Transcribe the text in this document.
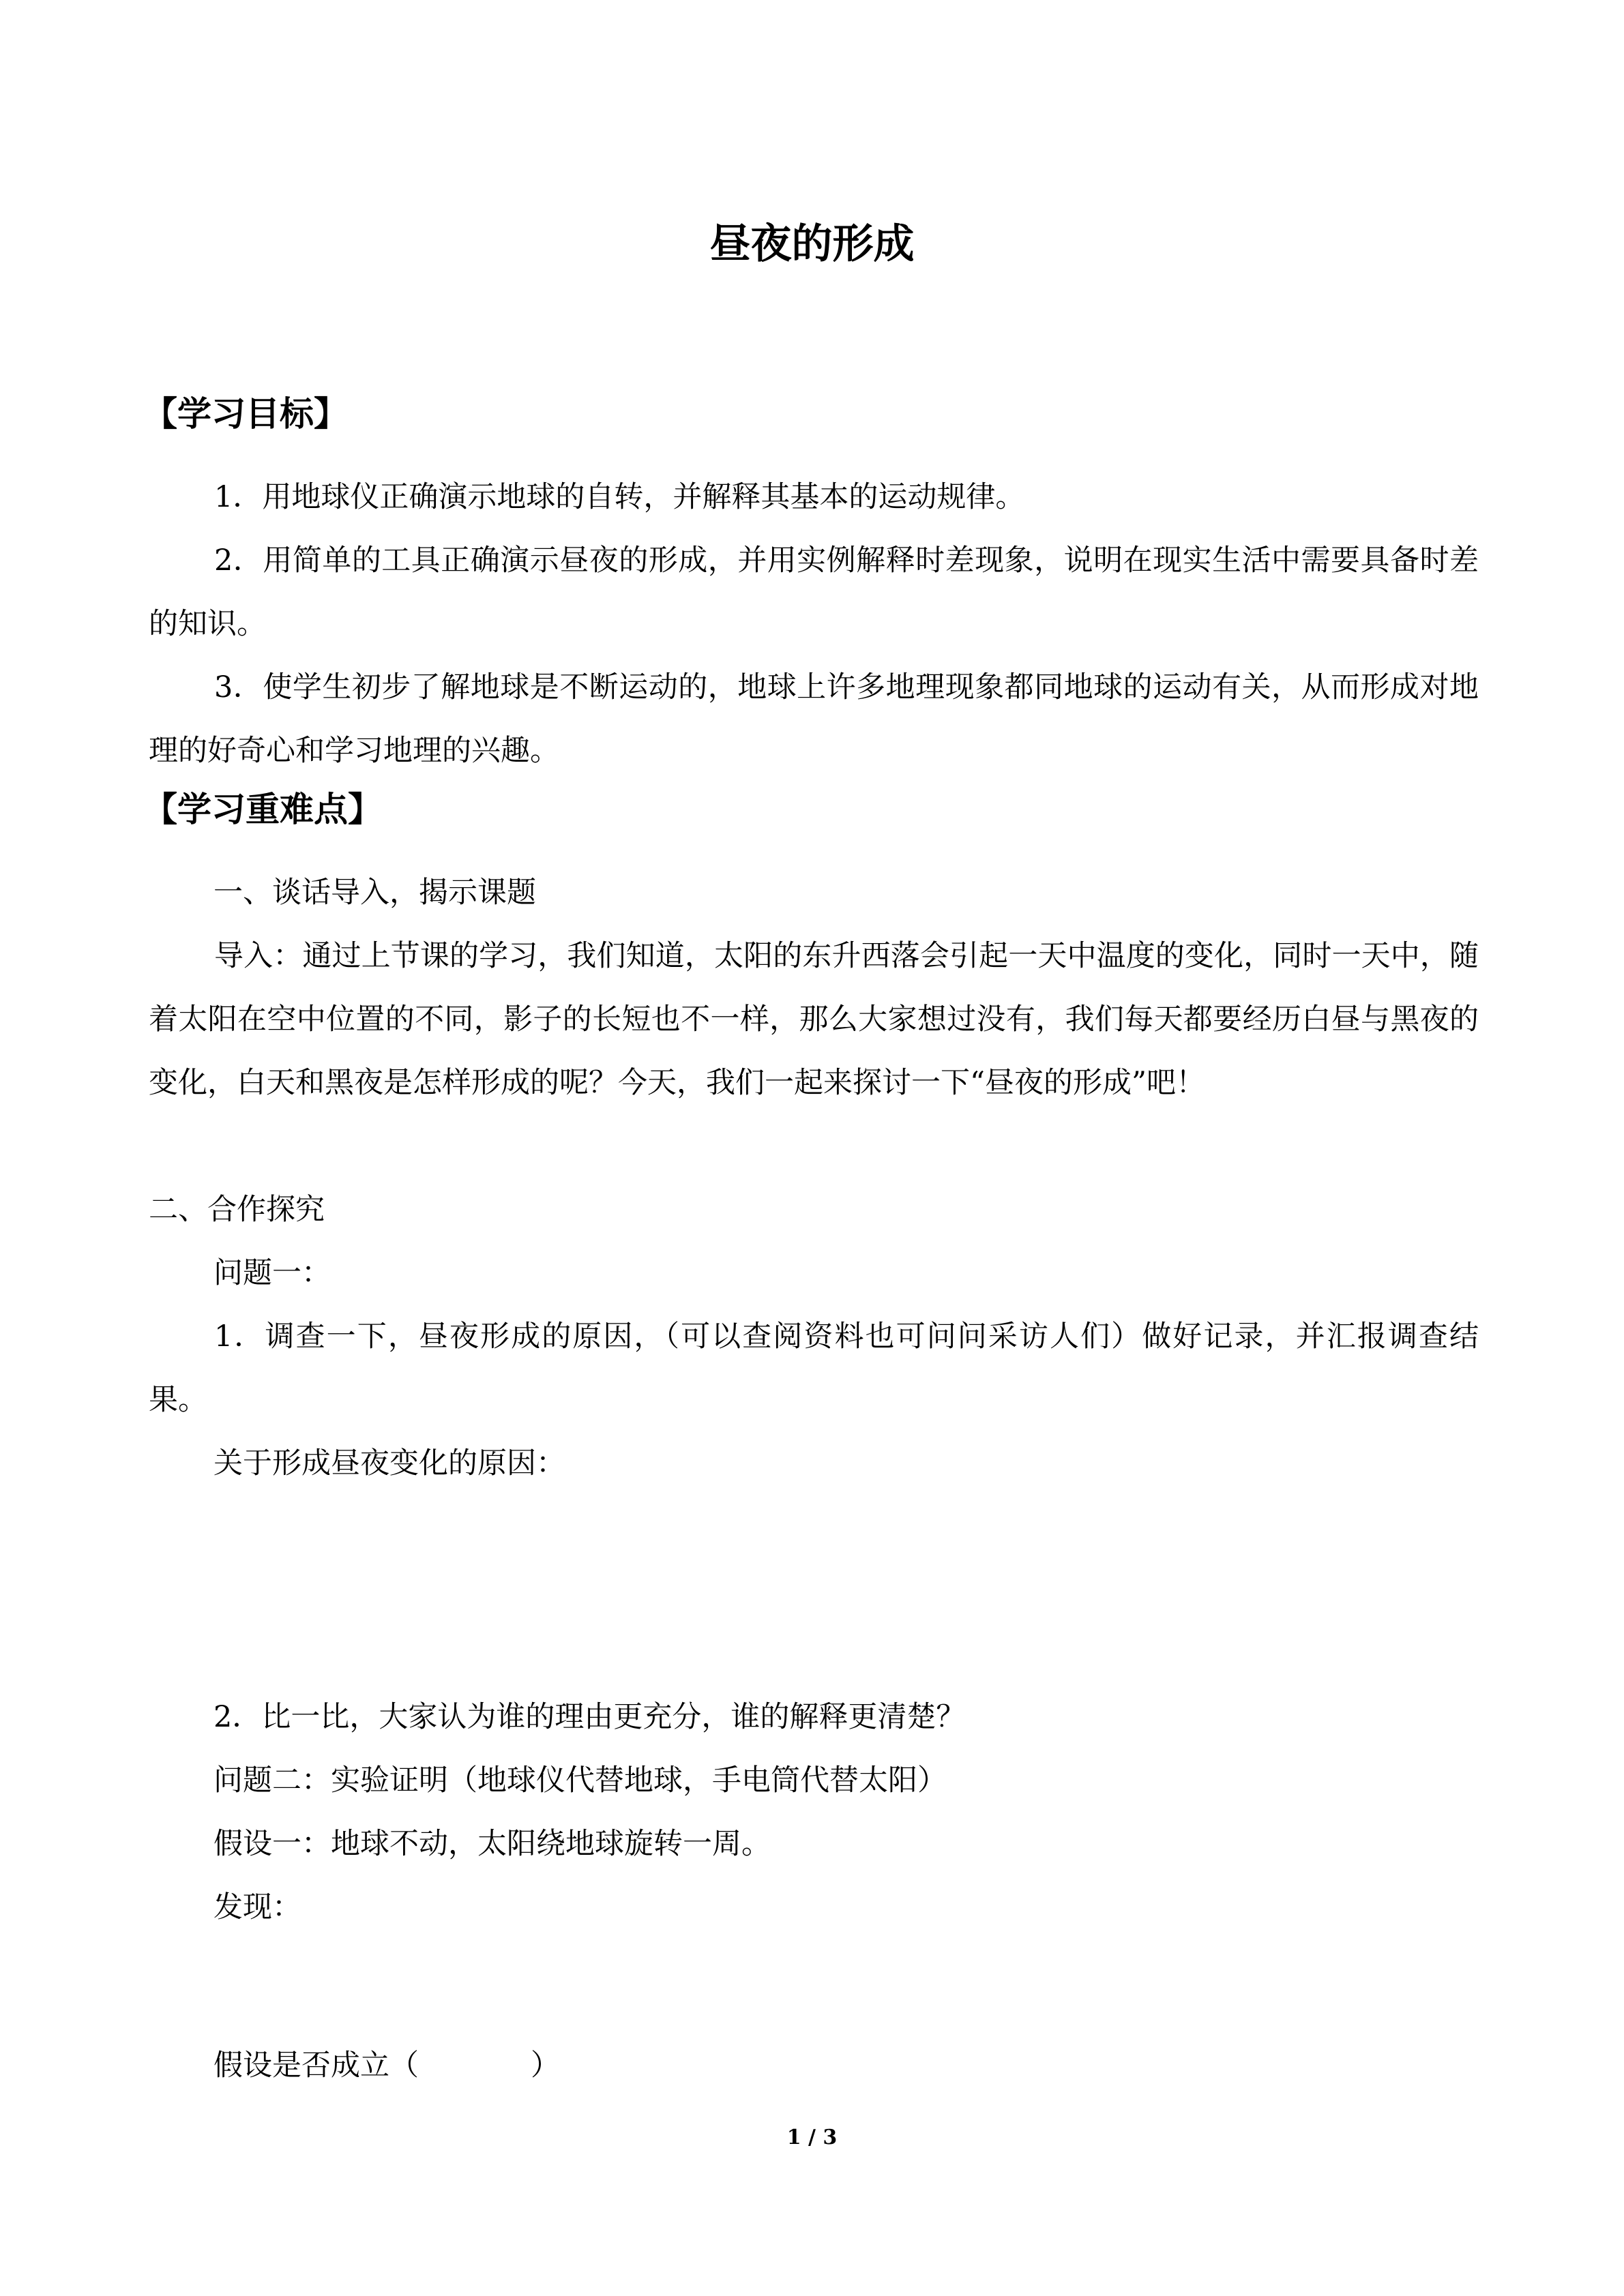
昼夜的形成
【学习目标】
1．用地球仪正确演示地球的自转，并解释其基本的运动规律。
2．用简单的工具正确演示昼夜的形成，并用实例解释时差现象，说明在现实生活中需要具备时差的知识。
3．使学生初步了解地球是不断运动的，地球上许多地理现象都同地球的运动有关，从而形成对地理的好奇心和学习地理的兴趣。
【学习重难点】
一、谈话导入，揭示课题
导入：通过上节课的学习，我们知道，太阳的东升西落会引起一天中温度的变化，同时一天中，随着太阳在空中位置的不同，影子的长短也不一样，那么大家想过没有，我们每天都要经历白昼与黑夜的变化，白天和黑夜是怎样形成的呢？今天，我们一起来探讨一下“昼夜的形成”吧！
二、合作探究
问题一：
1．调查一下，昼夜形成的原因，（可以查阅资料也可问问采访人们）做好记录，并汇报调查结果。
关于形成昼夜变化的原因：
2．比一比，大家认为谁的理由更充分，谁的解释更清楚？
问题二：实验证明（地球仪代替地球，手电筒代替太阳）
假设一：地球不动，太阳绕地球旋转一周。
发现：
假设是否成立（            ）
1 / 3
